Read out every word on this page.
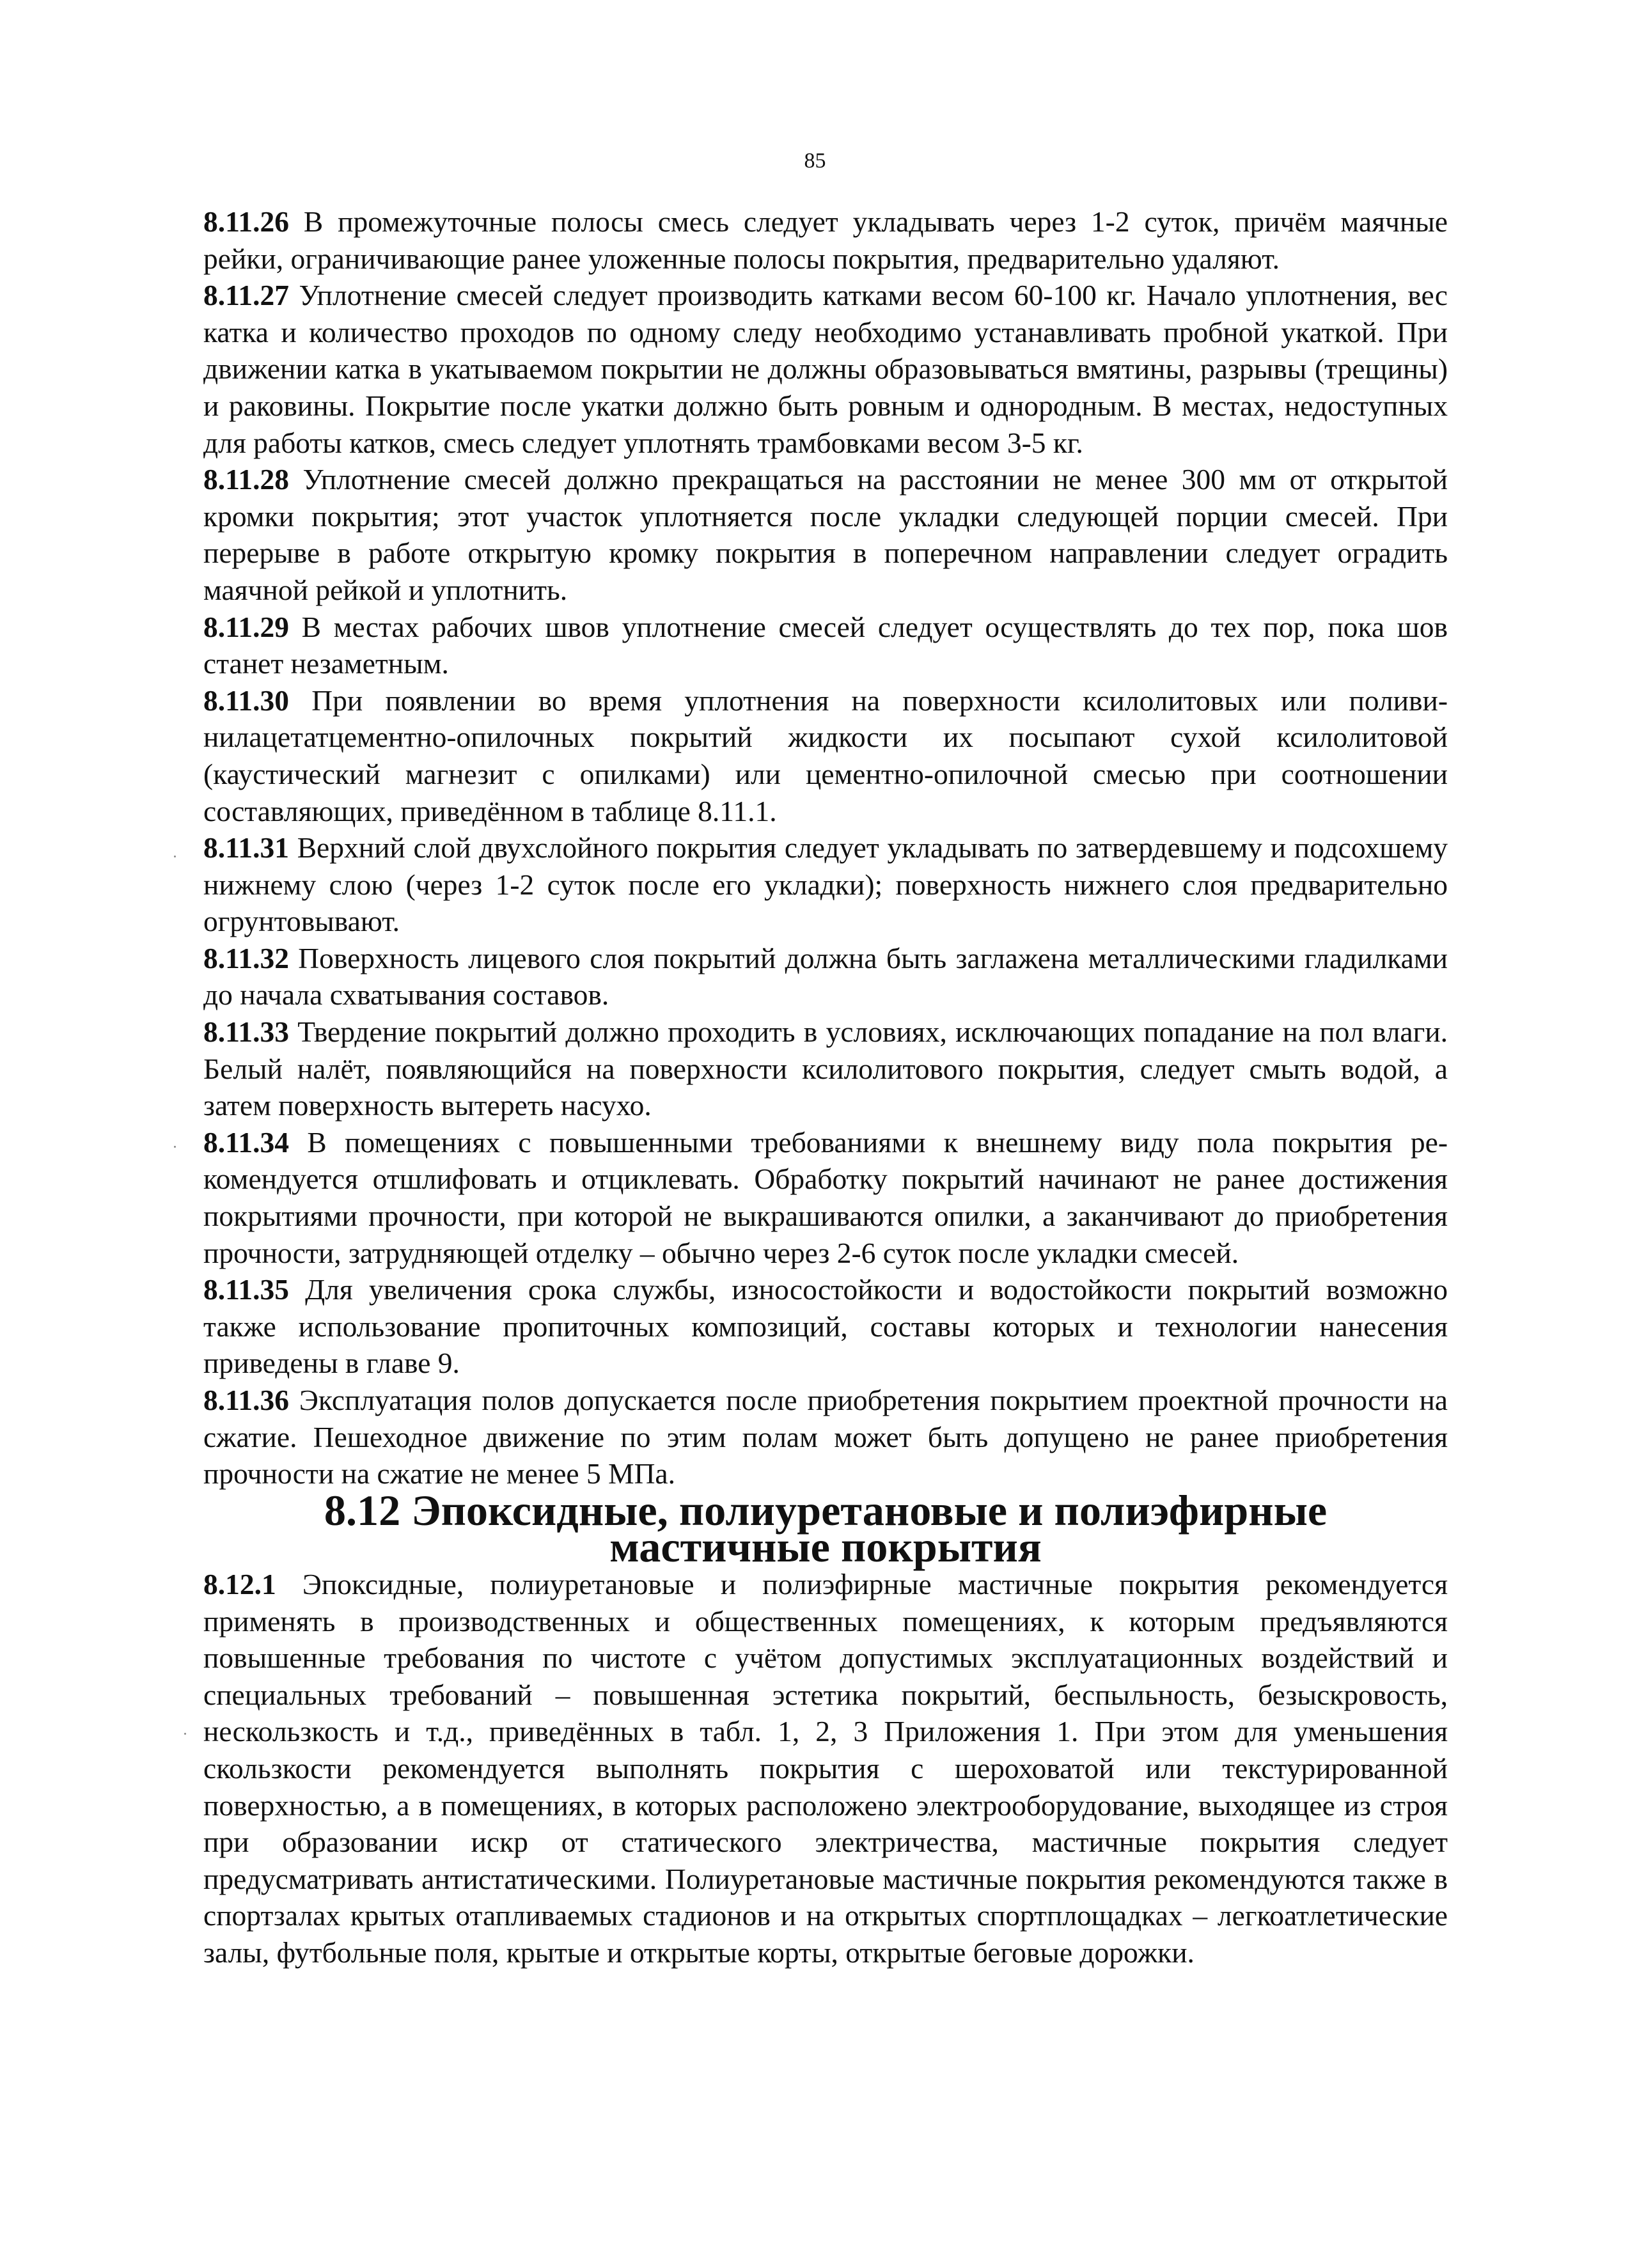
85

8.11.26 В промежуточные полосы смесь следует укладывать через 1-2 суток, причём маячные рейки, ограничивающие ранее уложенные полосы покрытия, предварительно удаляют.

8.11.27 Уплотнение смесей следует производить катками весом 60-100 кг. Начало уплотнения, вес катка и количество проходов по одному следу необходимо устанавливать пробной укаткой. При движении катка в укатываемом покрытии не должны образовываться вмятины, разрывы (трещины) и раковины. Покрытие после укатки должно быть ровным и однородным. В местах, недоступных для работы катков, смесь следует уплотнять трамбовками весом 3-5 кг.

8.11.28 Уплотнение смесей должно прекращаться на расстоянии не менее 300 мм от открытой кромки покрытия; этот участок уплотняется после укладки следующей порции смесей. При перерыве в работе открытую кромку покрытия в поперечном направлении следует оградить маячной рейкой и уплотнить.

8.11.29 В местах рабочих швов уплотнение смесей следует осуществлять до тех пор, пока шов станет незаметным.

8.11.30 При появлении во время уплотнения на поверхности ксилолитовых или поливинилацетатцементно-опилочных покрытий жидкости их посыпают сухой ксилолитовой (каустический магнезит с опилками) или цементно-опилочной смесью при соотношении составляющих, приведённом в таблице 8.11.1.

8.11.31 Верхний слой двухслойного покрытия следует укладывать по затвердевшему и подсохшему нижнему слою (через 1-2 суток после его укладки); поверхность нижнего слоя предварительно огрунтовывают.

8.11.32 Поверхность лицевого слоя покрытий должна быть заглажена металлическими гладилками до начала схватывания составов.

8.11.33 Твердение покрытий должно проходить в условиях, исключающих попадание на пол влаги. Белый налёт, появляющийся на поверхности ксилолитового покрытия, следует смыть водой, а затем поверхность вытереть насухо.

8.11.34 В помещениях с повышенными требованиями к внешнему виду пола покрытия рекомендуется отшлифовать и отциклевать. Обработку покрытий начинают не ранее достижения покрытиями прочности, при которой не выкрашиваются опилки, а заканчивают до приобретения прочности, затрудняющей отделку – обычно через 2-6 суток после укладки смесей.

8.11.35 Для увеличения срока службы, износостойкости и водостойкости покрытий возможно также использование пропиточных композиций, составы которых и технологии нанесения приведены в главе 9.

8.11.36 Эксплуатация полов допускается после приобретения покрытием проектной прочности на сжатие. Пешеходное движение по этим полам может быть допущено не ранее приобретения прочности на сжатие не менее 5 МПа.

8.12 Эпоксидные, полиуретановые и полиэфирные
мастичные покрытия

8.12.1 Эпоксидные, полиуретановые и полиэфирные мастичные покрытия рекомендуется применять в производственных и общественных помещениях, к которым предъявляются повышенные требования по чистоте с учётом допустимых эксплуатационных воздействий и специальных требований – повышенная эстетика покрытий, беспыльность, безыскровость, нескользкость и т.д., приведённых в табл. 1, 2, 3 Приложения 1. При этом для уменьшения скользкости рекомендуется выполнять покрытия с шероховатой или текстурированной поверхностью, а в помещениях, в которых расположено электрооборудование, выходящее из строя при образовании искр от статического электричества, мастичные покрытия следует предусматривать антистатическими. Полиуретановые мастичные покрытия рекомендуются также в спортзалах крытых отапливаемых стадионов и на открытых спортплощадках – легкоатлетические залы, футбольные поля, крытые и открытые корты, открытые беговые дорожки.
